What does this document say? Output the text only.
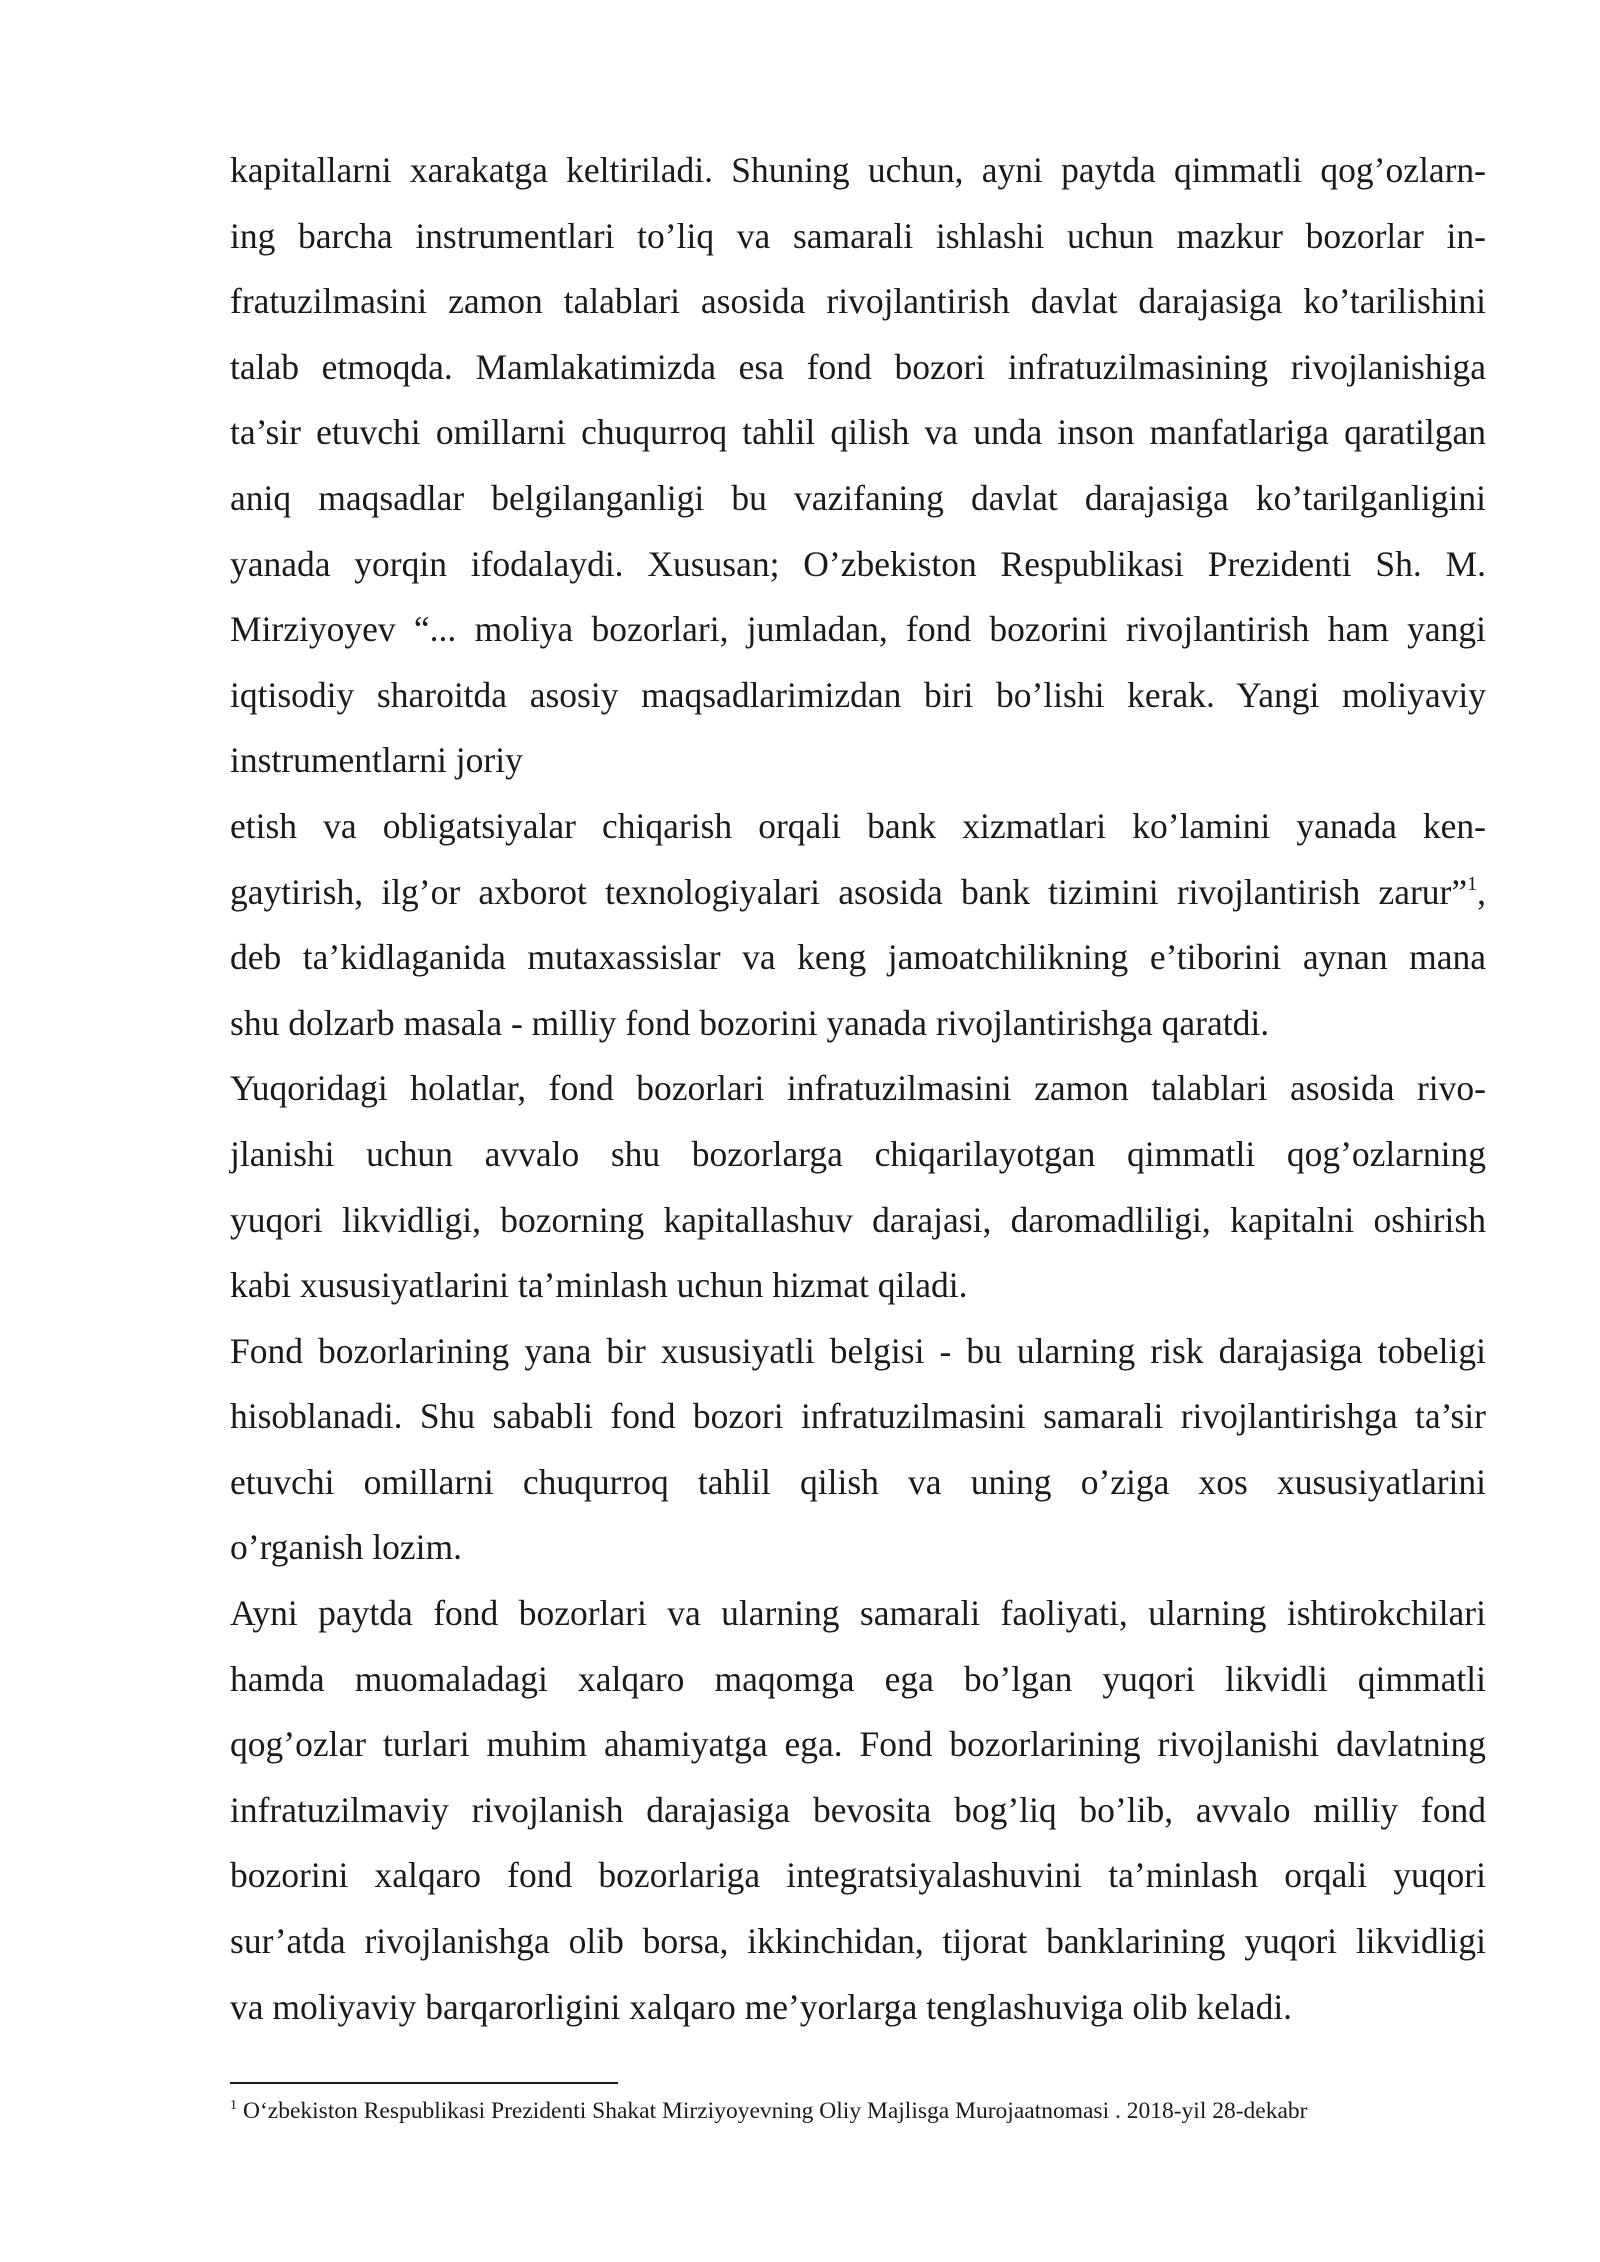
kapitallarni xarakatga keltiriladi. Shuning uchun, ayni paytda qimmatli qog’ozlarn-
ing barcha instrumentlari to’liq va samarali ishlashi uchun mazkur bozorlar in-
fratuzilmasini zamon talablari asosida rivojlantirish davlat darajasiga ko’tarilishini
talab etmoqda. Mamlakatimizda esa fond bozori infratuzilmasining rivojlanishiga
ta’sir etuvchi omillarni chuqurroq tahlil qilish va unda inson manfatlariga qaratilgan
aniq maqsadlar belgilanganligi bu vazifaning davlat darajasiga ko’tarilganligini
yanada yorqin ifodalaydi. Xususan; O’zbekiston Respublikasi Prezidenti Sh. M.
Mirziyoyev “... moliya bozorlari, jumladan, fond bozorini rivojlantirish ham yangi
iqtisodiy sharoitda asosiy maqsadlarimizdan biri bo’lishi kerak. Yangi moliyaviy
instrumentlarni joriy
etish va obligatsiyalar chiqarish orqali bank xizmatlari ko’lamini yanada ken-
gaytirish, ilg’or axborot texnologiyalari asosida bank tizimini rivojlantirish zarur”$^1$,
deb ta’kidlaganida mutaxassislar va keng jamoatchilikning e’tiborini aynan mana
shu dolzarb masala - milliy fond bozorini yanada rivojlantirishga qaratdi.
Yuqoridagi holatlar, fond bozorlari infratuzilmasini zamon talablari asosida rivo-
jlanishi uchun avvalo shu bozorlarga chiqarilayotgan qimmatli qog’ozlarning
yuqori likvidligi, bozorning kapitallashuv darajasi, daromadliligi, kapitalni oshirish
kabi xususiyatlarini ta’minlash uchun hizmat qiladi.
Fond bozorlarining yana bir xususiyatli belgisi - bu ularning risk darajasiga tobeligi
hisoblanadi. Shu sababli fond bozori infratuzilmasini samarali rivojlantirishga ta’sir
etuvchi omillarni chuqurroq tahlil qilish va uning o’ziga xos xususiyatlarini
o’rganish lozim.
Ayni paytda fond bozorlari va ularning samarali faoliyati, ularning ishtirokchilari
hamda muomaladagi xalqaro maqomga ega bo’lgan yuqori likvidli qimmatli
qog’ozlar turlari muhim ahamiyatga ega. Fond bozorlarining rivojlanishi davlatning
infratuzilmaviy rivojlanish darajasiga bevosita bog’liq bo’lib, avvalo milliy fond
bozorini xalqaro fond bozorlariga integratsiyalashuvini ta’minlash orqali yuqori
sur’atda rivojlanishga olib borsa, ikkinchidan, tijorat banklarining yuqori likvidligi
va moliyaviy barqarorligini xalqaro me’yorlarga tenglashuviga olib keladi.
$^1$ O‘zbekiston Respublikasi Prezidenti Shakat Mirziyoyevning Oliy Majlisga Murojaatnomasi . 2018-yil 28-dekabr
